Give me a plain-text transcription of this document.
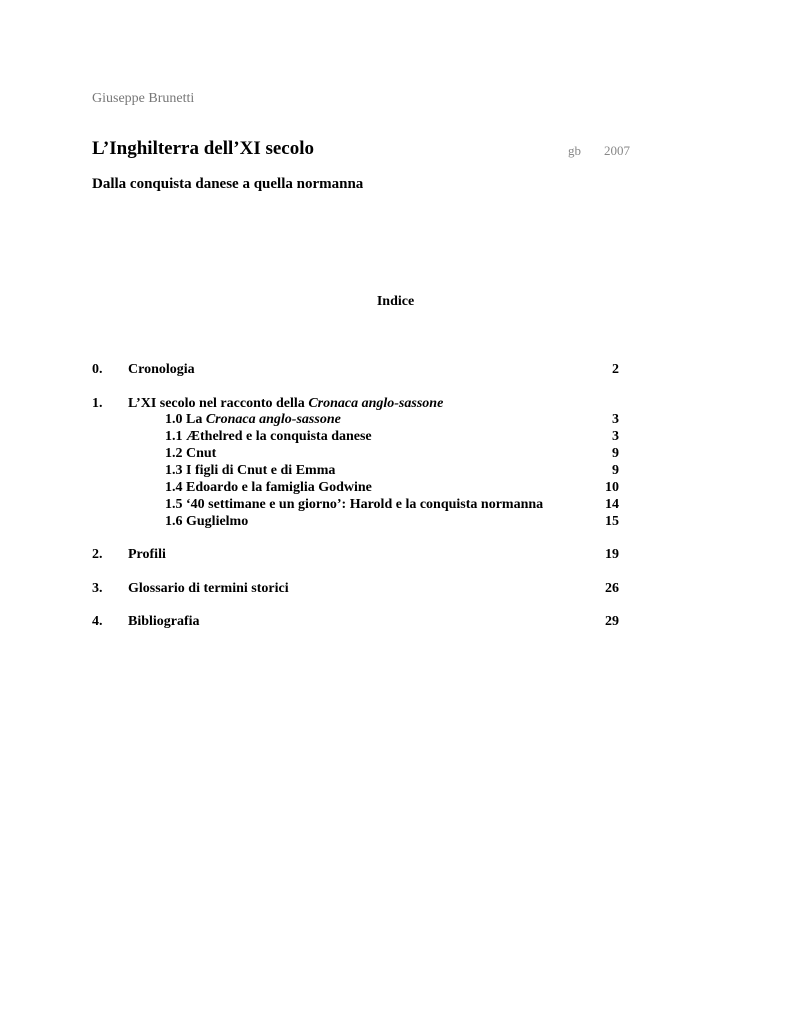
Giuseppe Brunetti
L’Inghilterra dell’XI secolo	gb 2007
Dalla conquista danese a quella normanna
Indice
0. Cronologia	2
1. L’XI secolo nel racconto della Cronaca anglo-sassone
1.0 La Cronaca anglo-sassone	3
1.1 Æthelred e la conquista danese	3
1.2 Cnut	9
1.3 I figli di Cnut e di Emma	9
1.4 Edoardo e la famiglia Godwine	10
1.5 ‘40 settimane e un giorno’: Harold e la conquista normanna	14
1.6 Guglielmo	15
2. Profili	19
3. Glossario di termini storici	26
4. Bibliografia	29
